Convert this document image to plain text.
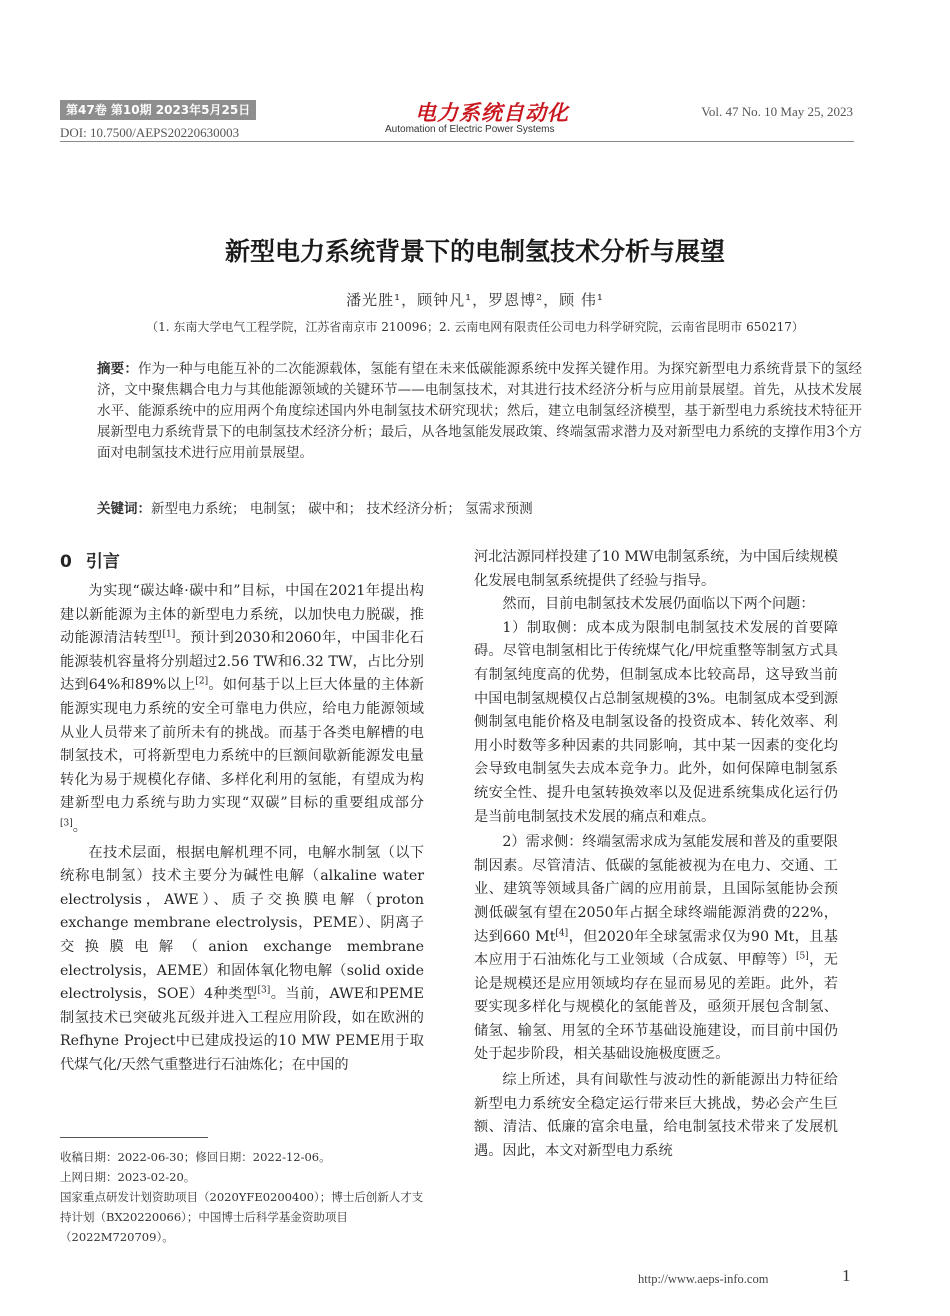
第47卷 第10期 2023年5月25日
DOI: 10.7500/AEPS20220630003
电力系统自动化
Automation of Electric Power Systems
Vol. 47 No. 10 May 25, 2023
新型电力系统背景下的电制氢技术分析与展望
潘光胜¹，顾钟凡¹，罗恩博²，顾 伟¹
（1. 东南大学电气工程学院，江苏省南京市 210096；2. 云南电网有限责任公司电力科学研究院，云南省昆明市 650217）
摘要：作为一种与电能互补的二次能源载体，氢能有望在未来低碳能源系统中发挥关键作用。为探究新型电力系统背景下的氢经济，文中聚焦耦合电力与其他能源领域的关键环节——电制氢技术，对其进行技术经济分析与应用前景展望。首先，从技术发展水平、能源系统中的应用两个角度综述国内外电制氢技术研究现状；然后，建立电制氢经济模型，基于新型电力系统技术特征开展新型电力系统背景下的电制氢技术经济分析；最后，从各地氢能发展政策、终端氢需求潜力及对新型电力系统的支撑作用3个方面对电制氢技术进行应用前景展望。
关键词：新型电力系统； 电制氢； 碳中和； 技术经济分析； 氢需求预测
0 引言

为实现“碳达峰·碳中和”目标，中国在2021年提出构建以新能源为主体的新型电力系统，以加快电力脱碳，推动能源清洁转型[1]。预计到2030和2060年，中国非化石能源装机容量将分别超过2.56 TW和6.32 TW，占比分别达到64%和89%以上[2]。如何基于以上巨大体量的主体新能源实现电力系统的安全可靠电力供应，给电力能源领域从业人员带来了前所未有的挑战。而基于各类电解槽的电制氢技术，可将新型电力系统中的巨额间歇新能源发电量转化为易于规模化存储、多样化利用的氢能，有望成为构建新型电力系统与助力实现“双碳”目标的重要组成部分[3]。

在技术层面，根据电解机理不同，电解水制氢（以下统称电制氢）技术主要分为碱性电解（alkaline water electrolysis，AWE）、质子交换膜电解（proton exchange membrane electrolysis，PEME）、阴离子交换膜电解（anion exchange membrane electrolysis，AEME）和固体氧化物电解（solid oxide electrolysis，SOE）4种类型[3]。当前，AWE和PEME制氢技术已突破兆瓦级并进入工程应用阶段，如在欧洲的Refhyne Project中已建成投运的10 MW PEME用于取代煤气化/天然气重整进行石油炼化；在中国的

河北沽源同样投建了10 MW电制氢系统，为中国后续规模化发展电制氢系统提供了经验与指导。

然而，目前电制氢技术发展仍面临以下两个问题：

1）制取侧：成本成为限制电制氢技术发展的首要障碍。尽管电制氢相比于传统煤气化/甲烷重整等制氢方式具有制氢纯度高的优势，但制氢成本比较高昂，这导致当前中国电制氢规模仅占总制氢规模的3%。电制氢成本受到源侧制氢电能价格及电制氢设备的投资成本、转化效率、利用小时数等多种因素的共同影响，其中某一因素的变化均会导致电制氢失去成本竞争力。此外，如何保障电制氢系统安全性、提升电氢转换效率以及促进系统集成化运行仍是当前电制氢技术发展的痛点和难点。

2）需求侧：终端氢需求成为氢能发展和普及的重要限制因素。尽管清洁、低碳的氢能被视为在电力、交通、工业、建筑等领域具备广阔的应用前景，且国际氢能协会预测低碳氢有望在2050年占据全球终端能源消费的22%，达到660 Mt[4]，但2020年全球氢需求仅为90 Mt，且基本应用于石油炼化与工业领域（合成氨、甲醇等）[5]，无论是规模还是应用领域均存在显而易见的差距。此外，若要实现多样化与规模化的氢能普及，亟须开展包含制氢、储氢、输氢、用氢的全环节基础设施建设，而目前中国仍处于起步阶段，相关基础设施极度匮乏。

综上所述，具有间歇性与波动性的新能源出力特征给新型电力系统安全稳定运行带来巨大挑战，势必会产生巨额、清洁、低廉的富余电量，给电制氢技术带来了发展机遇。因此，本文对新型电力系统

收稿日期：2022-06-30；修回日期：2022-12-06。
上网日期：2023-02-20。
国家重点研发计划资助项目（2020YFE0200400）；博士后创新人才支持计划（BX20220066）；中国博士后科学基金资助项目（2022M720709）。
http://www.aeps-info.com	1
